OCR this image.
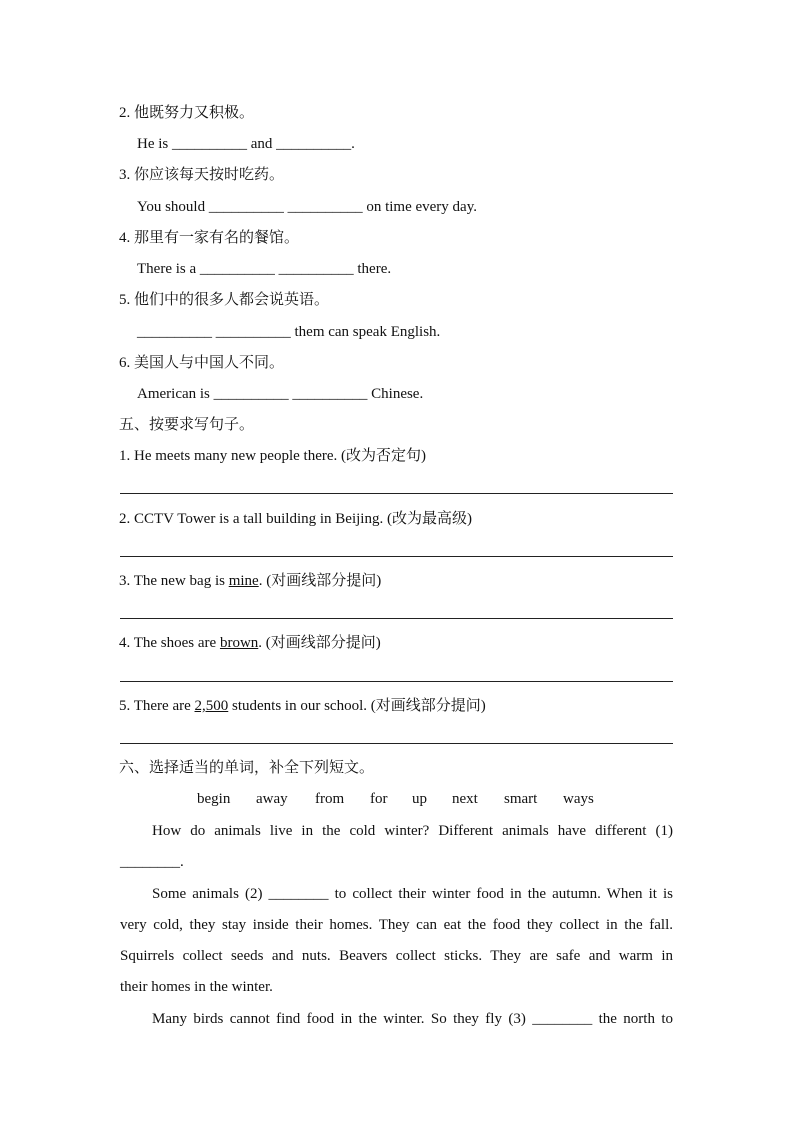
2. 他既努力又积极。
He is __________ and __________.
3. 你应该每天按时吃药。
You should __________ __________ on time every day.
4. 那里有一家有名的餐馆。
There is a __________ __________ there.
5. 他们中的很多人都会说英语。
__________ __________ them can speak English.
6. 美国人与中国人不同。
American is __________ __________ Chinese.
五、按要求写句子。
1. He meets many new people there. (改为否定句)
2. CCTV Tower is a tall building in Beijing. (改为最高级)
3. The new bag is mine. (对画线部分提问)
4. The shoes are brown. (对画线部分提问)
5. There are 2,500 students in our school. (对画线部分提问)
六、选择适当的单词，补全下列短文。
begin away from for up next smart ways
How do animals live in the cold winter? Different animals have different (1)
________.
Some animals (2) ________ to collect their winter food in the autumn. When it is
very cold, they stay inside their homes. They can eat the food they collect in the fall.
Squirrels collect seeds and nuts. Beavers collect sticks. They are safe and warm in
their homes in the winter.
Many birds cannot find food in the winter. So they fly (3) ________ the north to
